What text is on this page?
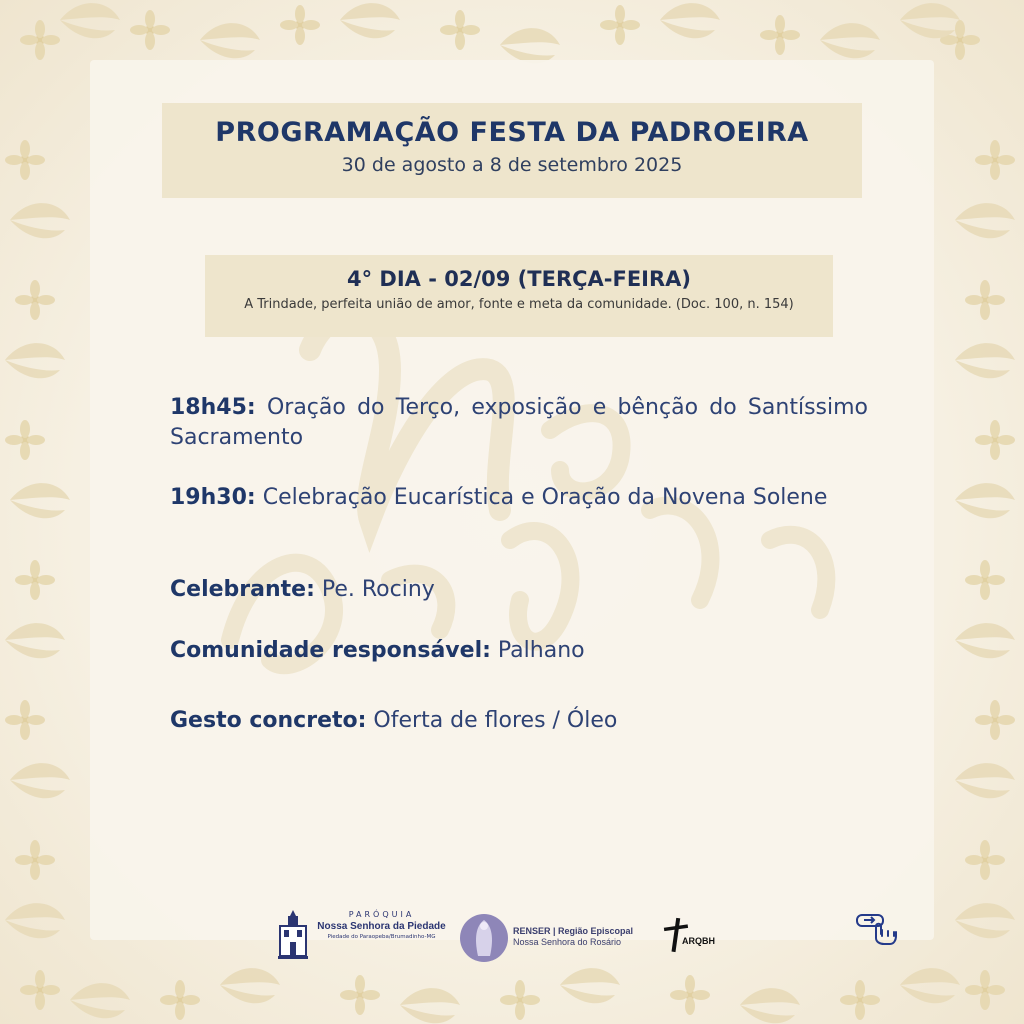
PROGRAMAÇÃO FESTA DA PADROEIRA
30 de agosto a 8 de setembro 2025
4° DIA - 02/09 (TERÇA-FEIRA)
A Trindade, perfeita união de amor, fonte e meta da comunidade. (Doc. 100, n. 154)
18h45: Oração do Terço, exposição e bênção do Santíssimo Sacramento
19h30: Celebração Eucarística e Oração da Novena Solene
Celebrante: Pe. Rociny
Comunidade responsável: Palhano
Gesto concreto: Oferta de flores / Óleo
PARÓQUIA
Nossa Senhora da Piedade
Piedade do Paraopeba/Brumadinho-MG
RENSER | Região Episcopal
Nossa Senhora do Rosário	ARQBH
